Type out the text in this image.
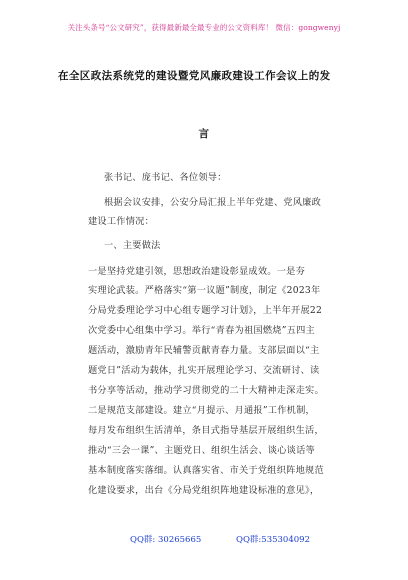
关注头条号“公文研究”，获得最新最全最专业的公文资料库！ 微信：gongwenyj
在全区政法系统党的建设暨党风廉政建设工作会议上的发
言
张书记、庞书记、各位领导：
根据会议安排，公安分局汇报上半年党建、党风廉政
建设工作情况：
一、主要做法
一是坚持党建引领，思想政治建设彰显成效。一是夯
实理论武装。严格落实“第一议题”制度，制定《2023年
分局党委理论学习中心组专题学习计划》，上半年开展22
次党委中心组集中学习。举行“青春为祖国燃烧”五四主
题活动，激励青年民辅警贡献青春力量。支部层面以“主
题党日”活动为载体，扎实开展理论学习、交流研讨、读
书分享等活动，推动学习贯彻党的二十大精神走深走实。
二是规范支部建设。建立“月提示、月通报”工作机制，
每月发布组织生活清单，条目式指导基层开展组织生活，
推动“三会一课”、主题党日、组织生活会、谈心谈话等
基本制度落实落细。认真落实省、市关于党组织阵地规范
化建设要求，出台《分局党组织阵地建设标准的意见》，
QQ群: 30265665	QQ群:535304092
